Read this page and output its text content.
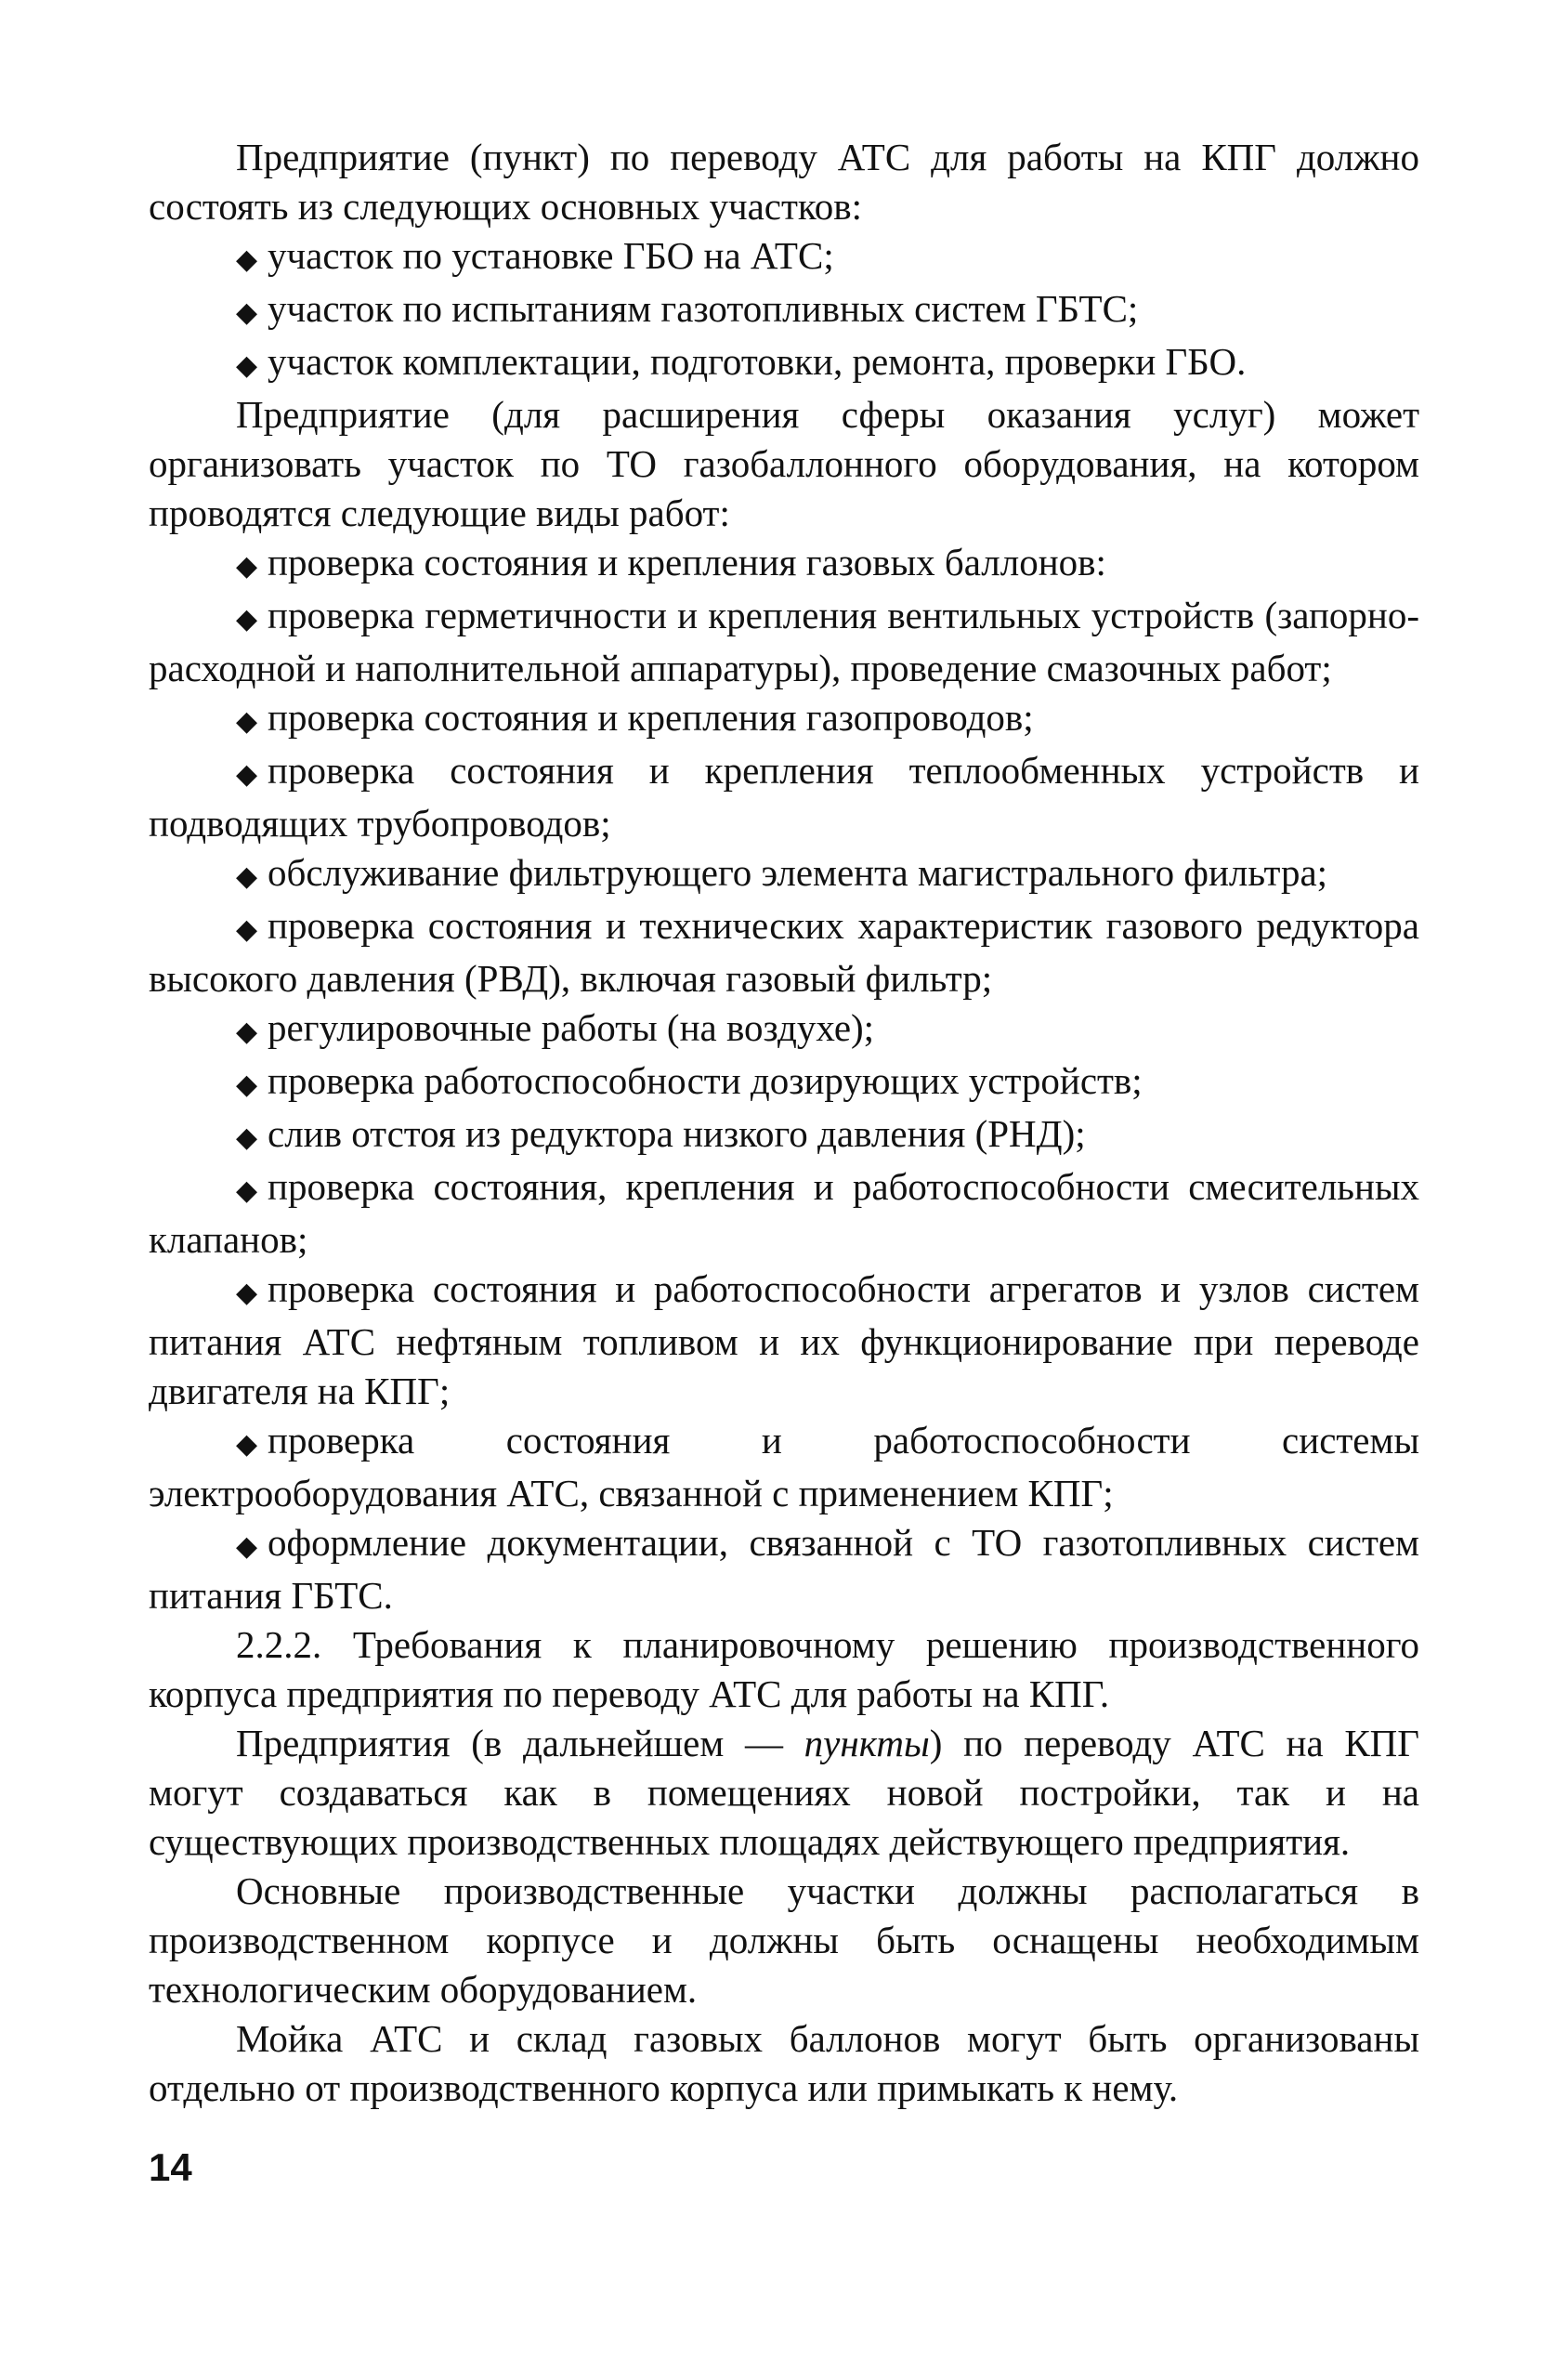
Предприятие (пункт) по переводу АТС для работы на КПГ должно состоять из следующих основных участков:

◆ участок по установке ГБО на АТС;

◆ участок по испытаниям газотопливных систем ГБТС;

◆ участок комплектации, подготовки, ремонта, проверки ГБО.

Предприятие (для расширения сферы оказания услуг) может организовать участок по ТО газобаллонного оборудования, на котором проводятся следующие виды работ:

◆ проверка состояния и крепления газовых баллонов:

◆ проверка герметичности и крепления вентильных устройств (запорно-расходной и наполнительной аппаратуры), проведение смазочных работ;

◆ проверка состояния и крепления газопроводов;

◆ проверка состояния и крепления теплообменных устройств и подводящих трубопроводов;

◆ обслуживание фильтрующего элемента магистрального фильтра;

◆ проверка состояния и технических характеристик газового редуктора высокого давления (РВД), включая газовый фильтр;

◆ регулировочные работы (на воздухе);

◆ проверка работоспособности дозирующих устройств;

◆ слив отстоя из редуктора низкого давления (РНД);

◆ проверка состояния, крепления и работоспособности смесительных клапанов;

◆ проверка состояния и работоспособности агрегатов и узлов систем питания АТС нефтяным топливом и их функционирование при переводе двигателя на КПГ;

◆ проверка состояния и работоспособности системы электрооборудования АТС, связанной с применением КПГ;

◆ оформление документации, связанной с ТО газотопливных систем питания ГБТС.

2.2.2. Требования к планировочному решению производственного корпуса предприятия по переводу АТС для работы на КПГ.

Предприятия (в дальнейшем — пункты) по переводу АТС на КПГ могут создаваться как в помещениях новой постройки, так и на существующих производственных площадях действующего предприятия.

Основные производственные участки должны располагаться в производственном корпусе и должны быть оснащены необходимым технологическим оборудованием.

Мойка АТС и склад газовых баллонов могут быть организованы отдельно от производственного корпуса или примыкать к нему.

14
